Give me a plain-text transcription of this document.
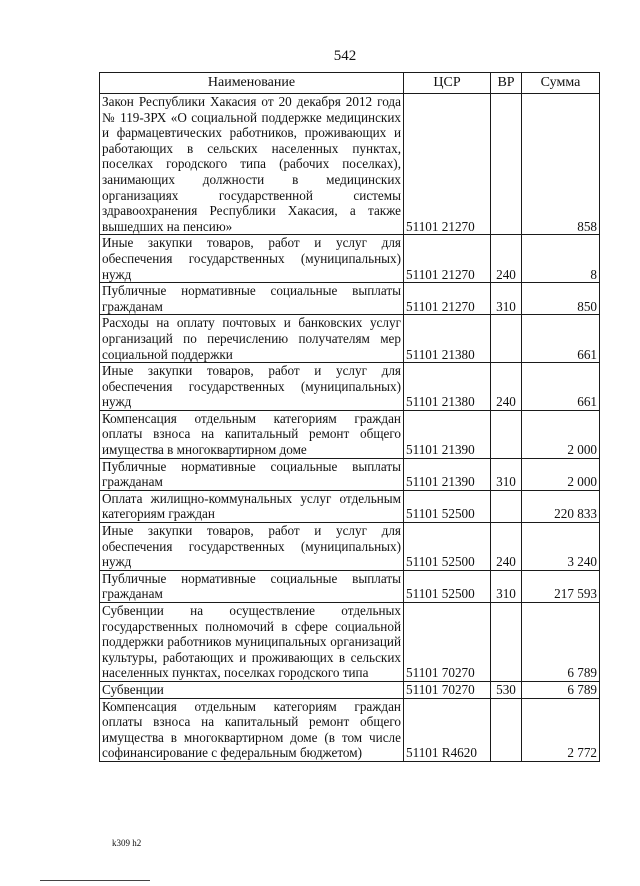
542
Наименование	ЦСР	ВР	Сумма
Закон Республики Хакасия от 20 декабря 2012 года № 119-ЗРХ «О социальной поддержке медицинских и фармацевтических работников, проживающих и работающих в сельских населенных пунктах, поселках городского типа (рабочих поселках), занимающих должности в медицинских организациях государственной системы здравоохранения Республики Хакасия, а также вышедших на пенсию»	51101 21270		858
Иные закупки товаров, работ и услуг для обеспечения государственных (муниципальных) нужд	51101 21270	240	8
Публичные нормативные социальные выплаты гражданам	51101 21270	310	850
Расходы на оплату почтовых и банковских услуг организаций по перечислению получателям мер социальной поддержки	51101 21380		661
Иные закупки товаров, работ и услуг для обеспечения государственных (муниципальных) нужд	51101 21380	240	661
Компенсация отдельным категориям граждан оплаты взноса на капитальный ремонт общего имущества в многоквартирном доме	51101 21390		2 000
Публичные нормативные социальные выплаты гражданам	51101 21390	310	2 000
Оплата жилищно-коммунальных услуг отдельным категориям граждан	51101 52500		220 833
Иные закупки товаров, работ и услуг для обеспечения государственных (муниципальных) нужд	51101 52500	240	3 240
Публичные нормативные социальные выплаты гражданам	51101 52500	310	217 593
Субвенции на осуществление отдельных государственных полномочий в сфере социальной поддержки работников муниципальных организаций культуры, работающих и проживающих в сельских населенных пунктах, поселках городского типа	51101 70270		6 789
Субвенции	51101 70270	530	6 789
Компенсация отдельным категориям граждан оплаты взноса на капитальный ремонт общего имущества в многоквартирном доме (в том числе софинансирование с федеральным бюджетом)	51101 R4620		2 772
k309 h2
